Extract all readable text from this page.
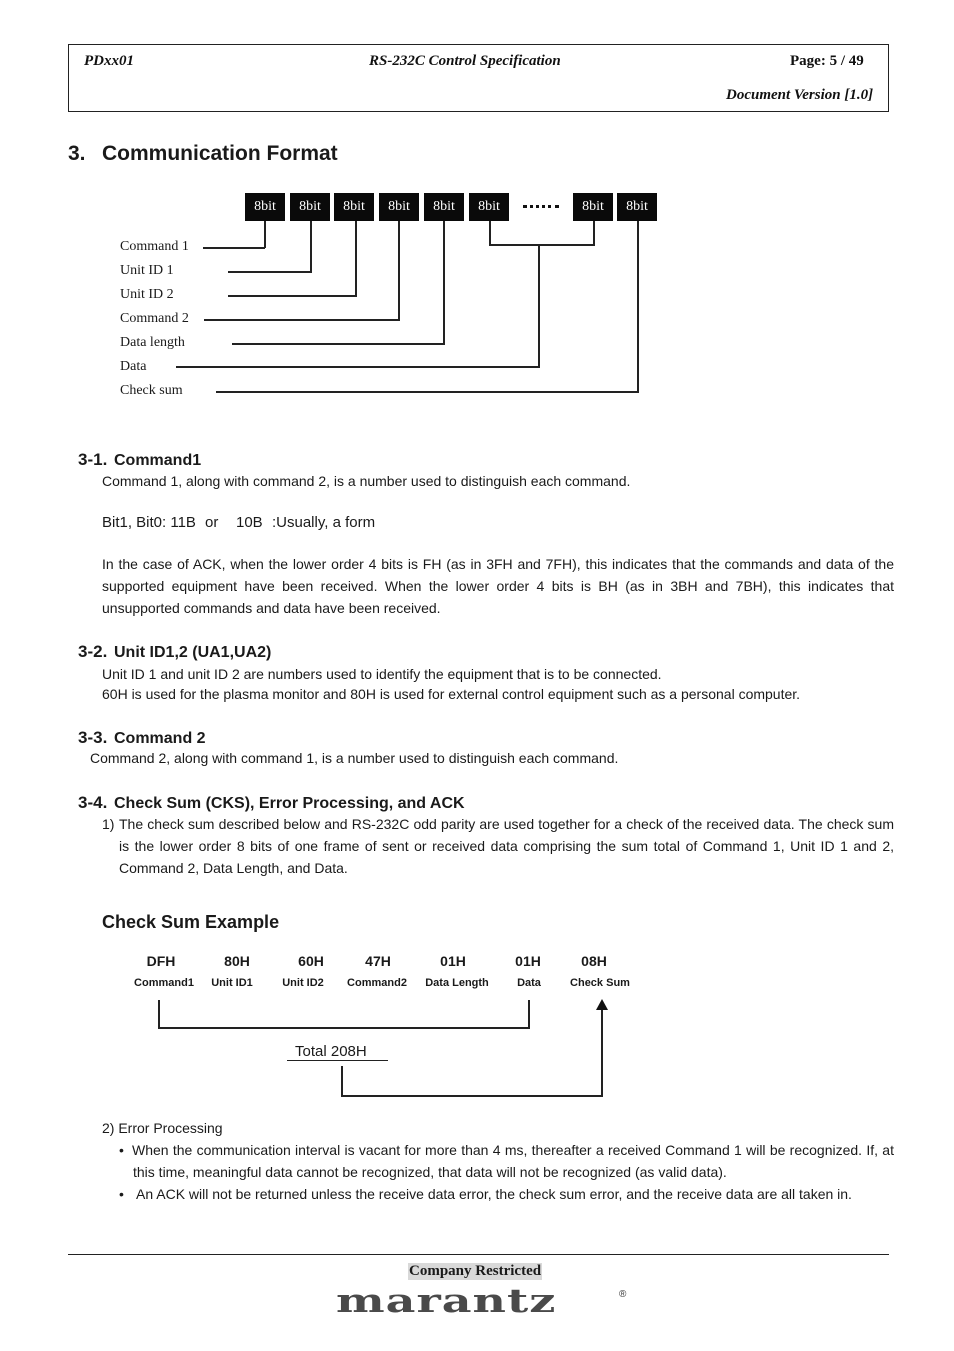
PDxx01	RS-232C Control Specification	Page: 5 / 49
Document Version [1.0]
3. Communication Format
8bit	8bit	8bit	8bit	8bit	8bit	8bit	8bit
Command 1
Unit ID 1
Unit ID 2
Command 2
Data length
Data
Check sum
3-1. Command1
Command 1, along with command 2, is a number used to distinguish each command.
Bit1, Bit0: 11B or 10B :Usually, a form
In the case of ACK, when the lower order 4 bits is FH (as in 3FH and 7FH), this indicates that the commands and data of the supported equipment have been received. When the lower order 4 bits is BH (as in 3BH and 7BH), this indicates that unsupported commands and data have been received.
3-2. Unit ID1,2 (UA1,UA2)
Unit ID 1 and unit ID 2 are numbers used to identify the equipment that is to be connected.
60H is used for the plasma monitor and 80H is used for external control equipment such as a personal computer.
3-3. Command 2
Command 2, along with command 1, is a number used to distinguish each command.
3-4. Check Sum (CKS), Error Processing, and ACK
1) The check sum described below and RS-232C odd parity are used together for a check of the received data. The check sum is the lower order 8 bits of one frame of sent or received data comprising the sum total of Command 1, Unit ID 1 and 2, Command 2, Data Length, and Data.
Check Sum Example
DFH	80H	60H	47H	01H	01H	08H
Command1	Unit ID1	Unit ID2	Command2	Data Length	Data	Check Sum
Total 208H
2) Error Processing
• When the communication interval is vacant for more than 4 ms, thereafter a received Command 1 will be recognized. If, at this time, meaningful data cannot be recognized, that data will not be recognized (as valid data).
• An ACK will not be returned unless the receive data error, the check sum error, and the receive data are all taken in.
Company Restricted
marantz	®
